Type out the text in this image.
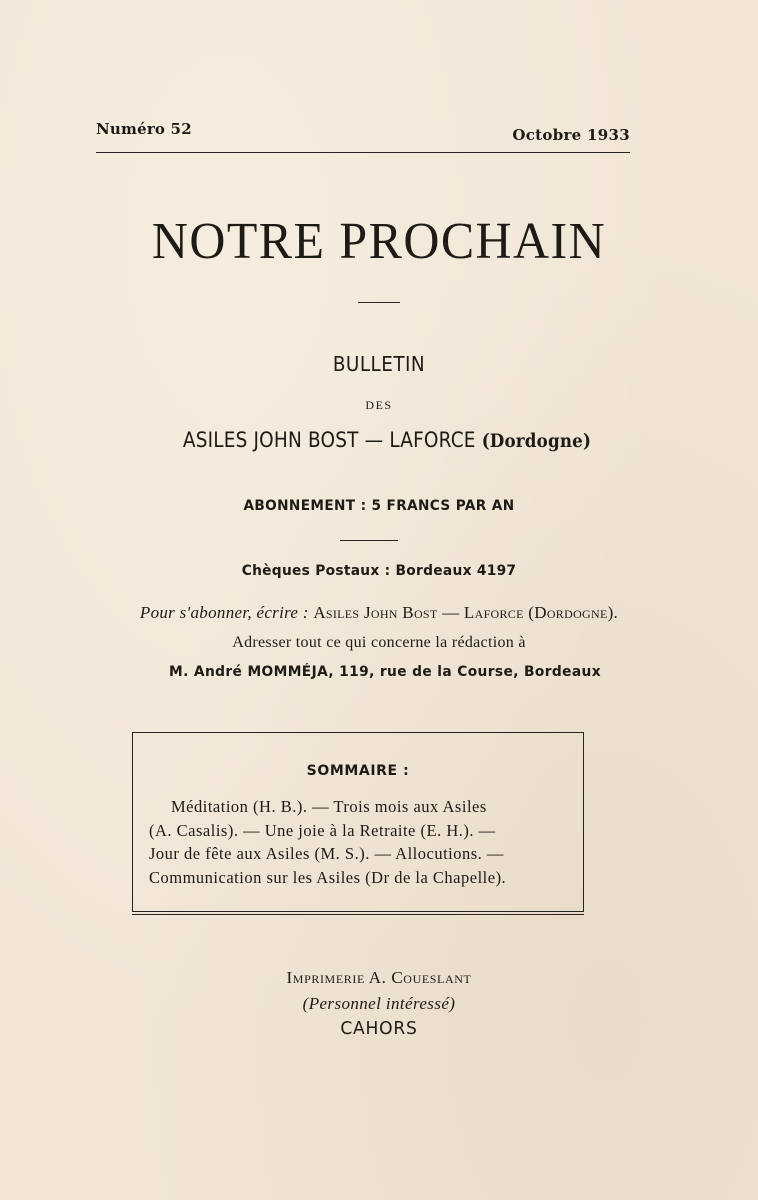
Numéro 52	Octobre 1933
NOTRE PROCHAIN
BULLETIN
DES
ASILES JOHN BOST — LAFORCE (Dordogne)
ABONNEMENT : 5 FRANCS PAR AN
Chèques Postaux : Bordeaux 4197
Pour s'abonner, écrire : Asiles John Bost — Laforce (Dordogne).
Adresser tout ce qui concerne la rédaction à
M. André MOMMÉJA, 119, rue de la Course, Bordeaux
SOMMAIRE :
Méditation (H. B.). — Trois mois aux Asiles
(A. Casalis). — Une joie à la Retraite (E. H.). —
Jour de fête aux Asiles (M. S.). — Allocutions. —
Communication sur les Asiles (Dr de la Chapelle).
Imprimerie A. Coueslant
(Personnel intéressé)
CAHORS
